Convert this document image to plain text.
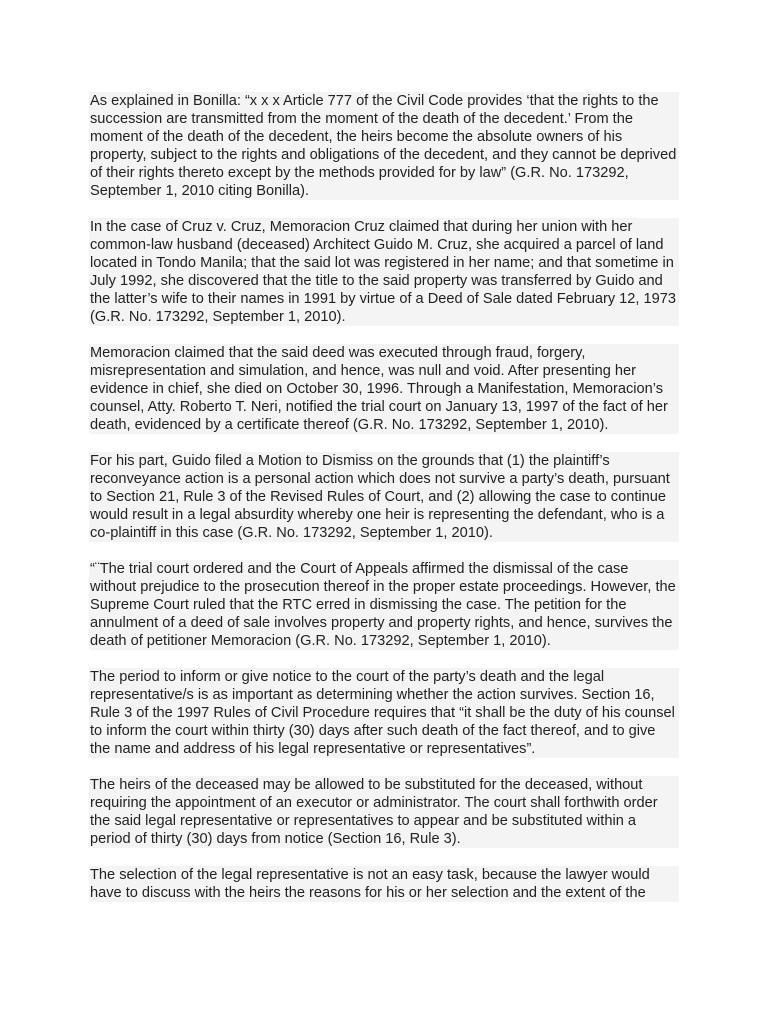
As explained in Bonilla: “x x x Article 777 of the Civil Code provides ‘that the rights to the succession are transmitted from the moment of the death of the decedent.’ From the moment of the death of the decedent, the heirs become the absolute owners of his property, subject to the rights and obligations of the decedent, and they cannot be deprived of their rights thereto except by the methods provided for by law” (G.R. No. 173292, September 1, 2010 citing Bonilla).

In the case of Cruz v. Cruz, Memoracion Cruz claimed that during her union with her common-law husband (deceased) Architect Guido M. Cruz, she acquired a parcel of land located in Tondo Manila; that the said lot was registered in her name; and that sometime in July 1992, she discovered that the title to the said property was transferred by Guido and the latter’s wife to their names in 1991 by virtue of a Deed of Sale dated February 12, 1973 (G.R. No. 173292, September 1, 2010).

Memoracion claimed that the said deed was executed through fraud, forgery, misrepresentation and simulation, and hence, was null and void. After presenting her evidence in chief, she died on October 30, 1996. Through a Manifestation, Memoracion’s counsel, Atty. Roberto T. Neri, notified the trial court on January 13, 1997 of the fact of her death, evidenced by a certificate thereof (G.R. No. 173292, September 1, 2010).

For his part, Guido filed a Motion to Dismiss on the grounds that (1) the plaintiff’s reconveyance action is a personal action which does not survive a party’s death, pursuant to Section 21, Rule 3 of the Revised Rules of Court, and (2) allowing the case to continue would result in a legal absurdity whereby one heir is representing the defendant, who is a co-plaintiff in this case (G.R. No. 173292, September 1, 2010).

“¨The trial court ordered and the Court of Appeals affirmed the dismissal of the case without prejudice to the prosecution thereof in the proper estate proceedings. However, the Supreme Court ruled that the RTC erred in dismissing the case. The petition for the annulment of a deed of sale involves property and property rights, and hence, survives the death of petitioner Memoracion (G.R. No. 173292, September 1, 2010).

The period to inform or give notice to the court of the party’s death and the legal representative/s is as important as determining whether the action survives. Section 16, Rule 3 of the 1997 Rules of Civil Procedure requires that “it shall be the duty of his counsel to inform the court within thirty (30) days after such death of the fact thereof, and to give the name and address of his legal representative or representatives”.

The heirs of the deceased may be allowed to be substituted for the deceased, without requiring the appointment of an executor or administrator. The court shall forthwith order the said legal representative or representatives to appear and be substituted within a period of thirty (30) days from notice (Section 16, Rule 3).

The selection of the legal representative is not an easy task, because the lawyer would have to discuss with the heirs the reasons for his or her selection and the extent of the
